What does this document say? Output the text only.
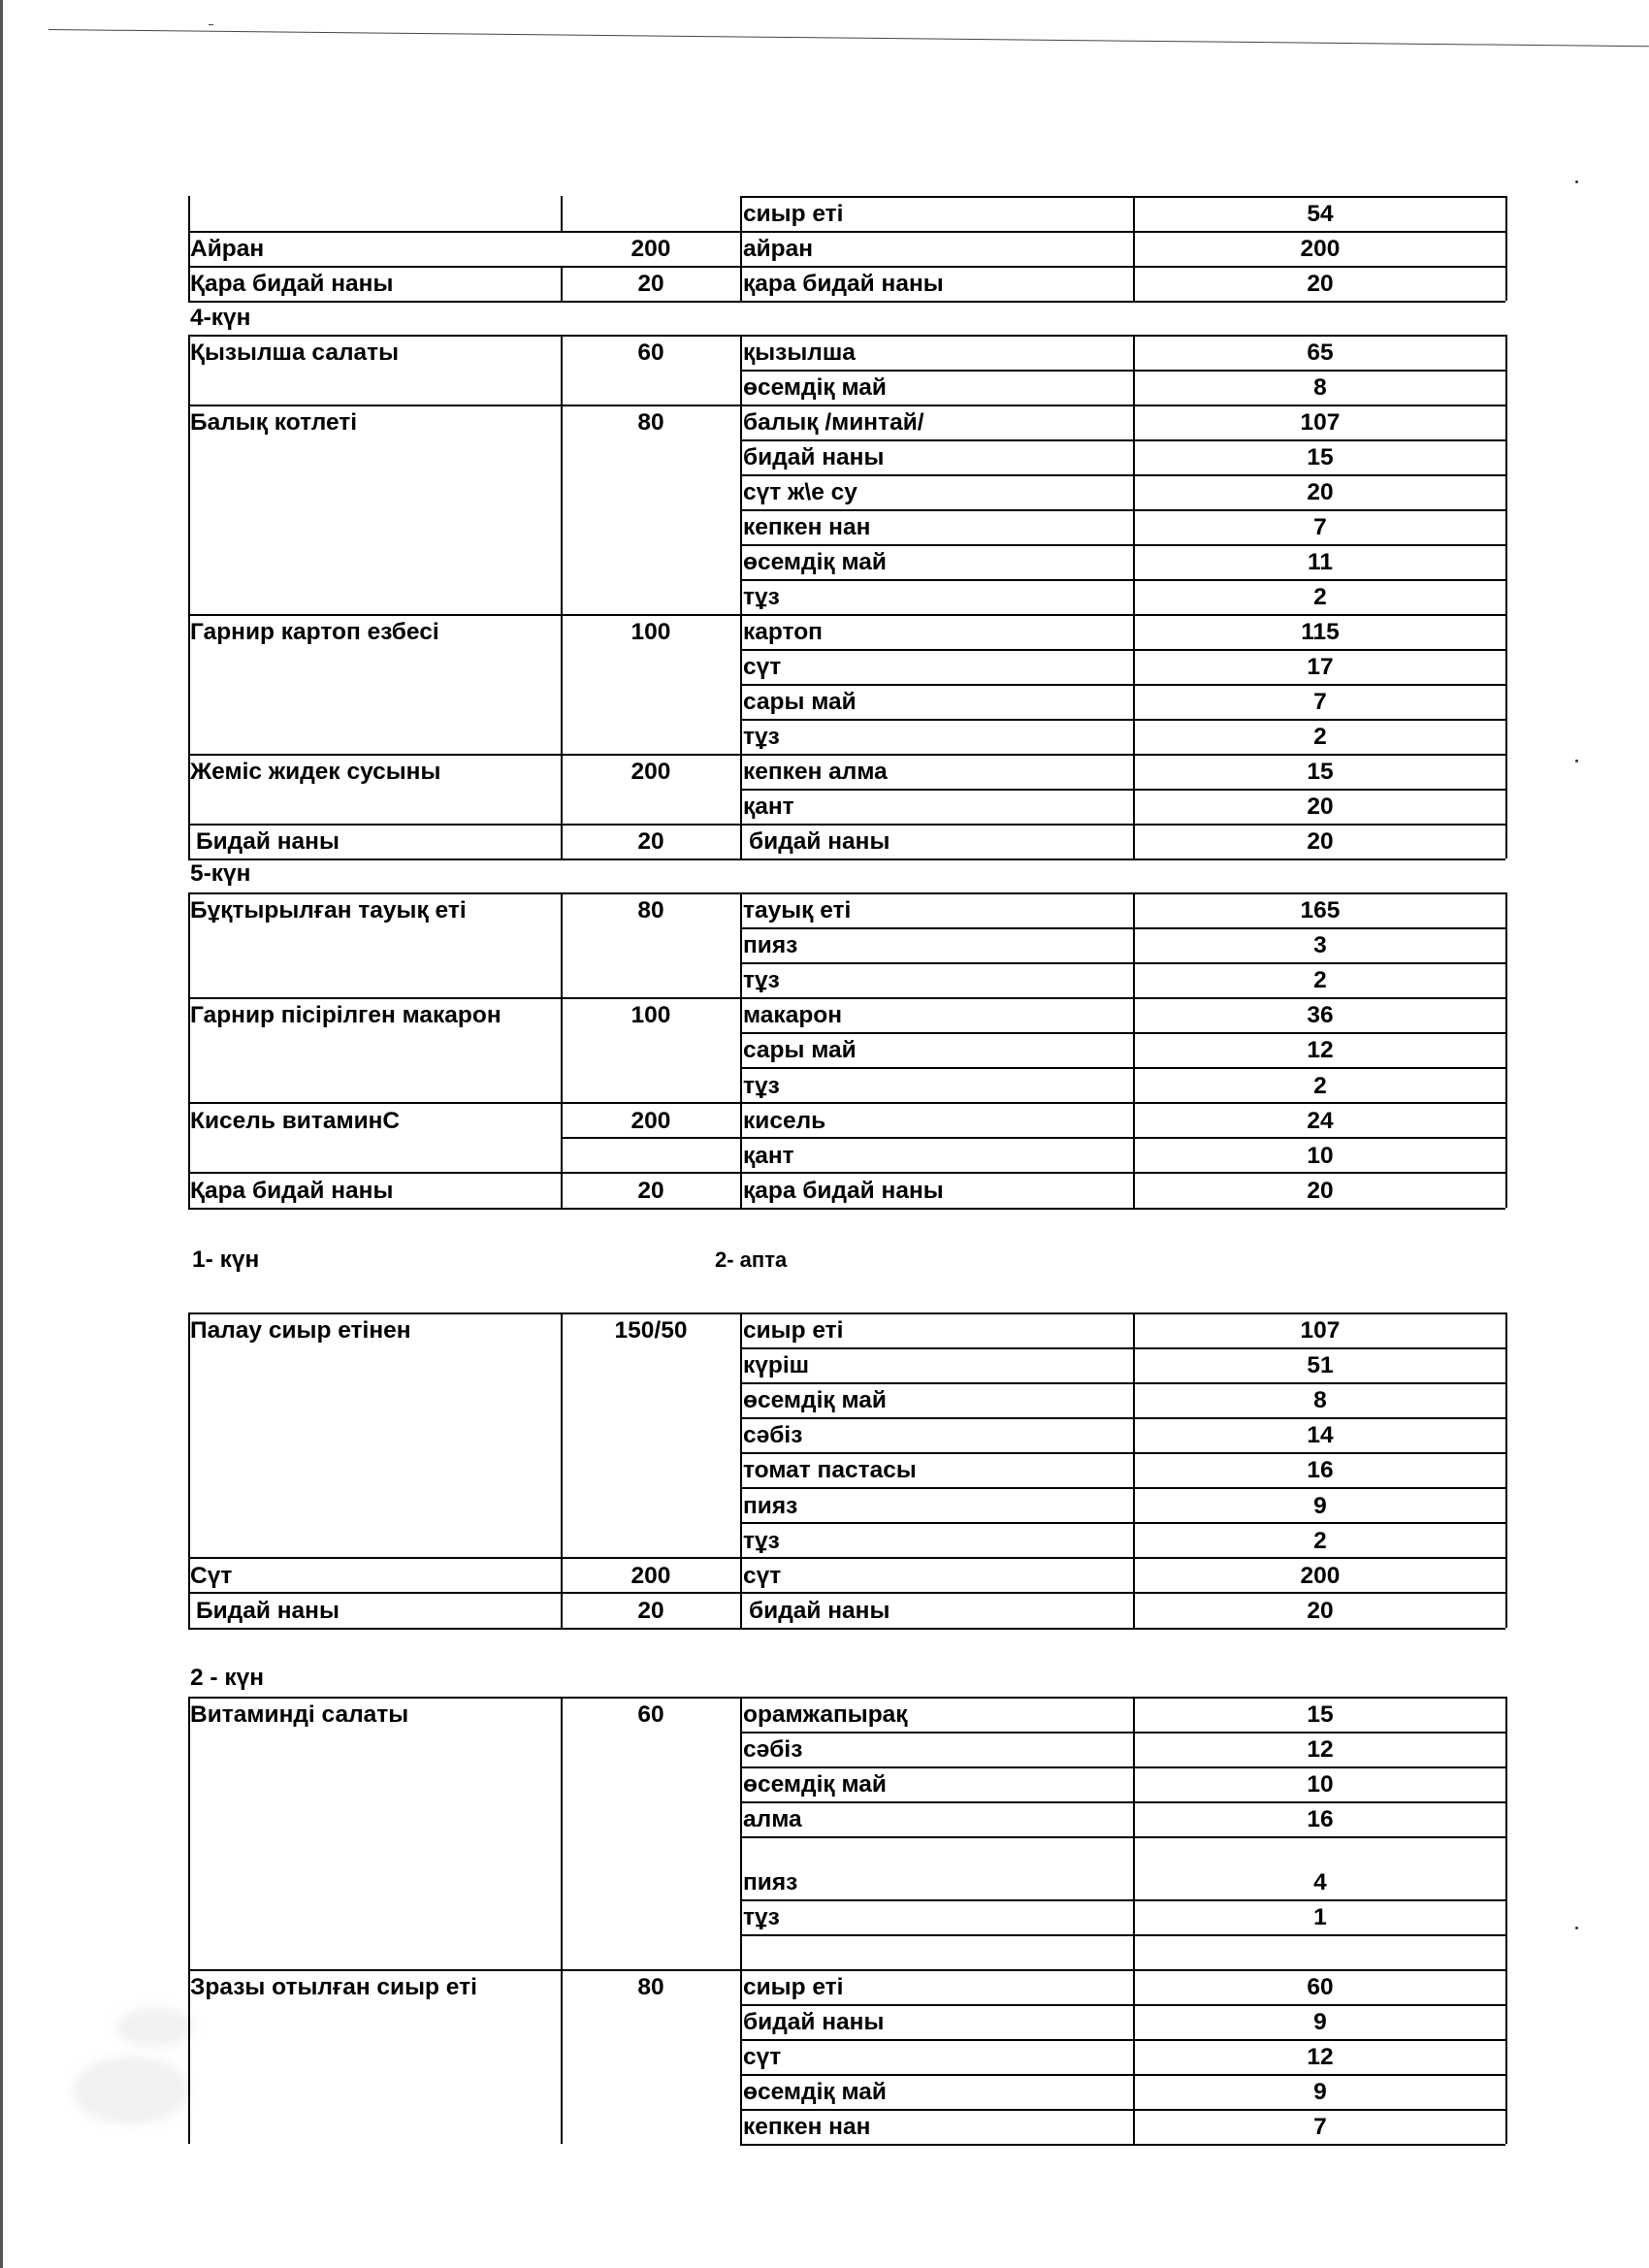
4-күн
5-күн
1- күн	2- апта
2 - күн
сиыр еті	54
Айран	200	айран	200
Қара бидай наны	20	қара бидай наны	20
Қызылша салаты	60	қызылша	65
өсемдіқ май	8
Балық котлеті	80	балық /минтай/	107
бидай наны	15
сүт ж\е су	20
кепкен нан	7
өсемдіқ май	11
тұз	2
Гарнир картоп езбесі	100	картоп	115
сүт	17
сары май	7
тұз	2
Жеміс жидек сусыны	200	кепкен алма	15
қант	20
Бидай наны	20	бидай наны	20
Бұқтырылған тауық еті	80	тауық еті	165
пияз	3
тұз	2
Гарнир пісірілген макарон	100	макарон	36
сары май	12
тұз	2
Кисель витаминС	200	кисель	24
қант	10
Қара бидай наны	20	қара бидай наны	20
Палау сиыр етінен	150/50	сиыр еті	107
күріш	51
өсемдіқ май	8
сәбіз	14
томат пастасы	16
пияз	9
тұз	2
Сүт	200	сүт	200
Бидай наны	20	бидай наны	20
Витаминді салаты	60	орамжапырақ	15
сәбіз	12
өсемдіқ май	10
алма	16
пияз	4
тұз	1
Зразы отылған сиыр еті	80	сиыр еті	60
бидай наны	9
сүт	12
өсемдіқ май	9
кепкен нан	7
